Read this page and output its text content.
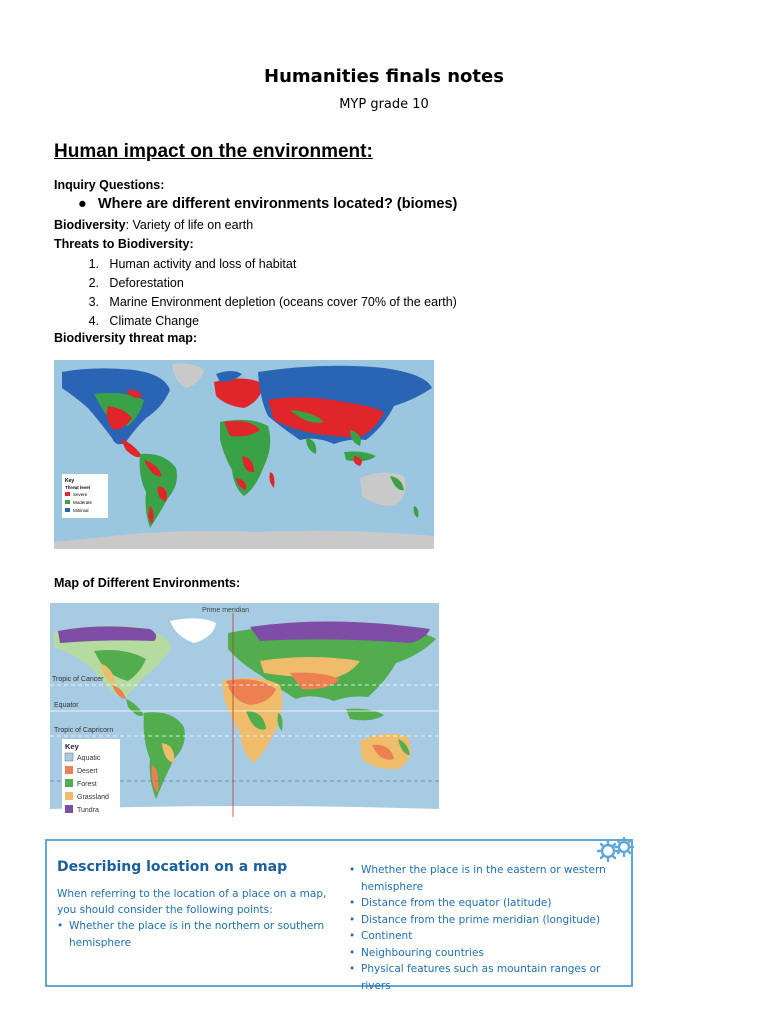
Humanities finals notes
MYP grade 10
Human impact on the environment:
Inquiry Questions:
● Where are different environments located? (biomes)
Biodiversity: Variety of life on earth
Threats to Biodiversity:
1. Human activity and loss of habitat
2. Deforestation
3. Marine Environment depletion (oceans cover 70% of the earth)
4. Climate Change
Biodiversity threat map:
Key
Threat level
Severe
Moderate
Minimal
Map of Different Environments:
Prime meridian
Tropic of Cancer
Equator
Tropic of Capricorn
Key
Aquatic
Desert
Forest
Grassland
Tundra
Describing location on a map
When referring to the location of a place on a map, you should consider the following points:
• Whether the place is in the northern or southern hemisphere
• Whether the place is in the eastern or western hemisphere
• Distance from the equator (latitude)
• Distance from the prime meridian (longitude)
• Continent
• Neighbouring countries
• Physical features such as mountain ranges or rivers
